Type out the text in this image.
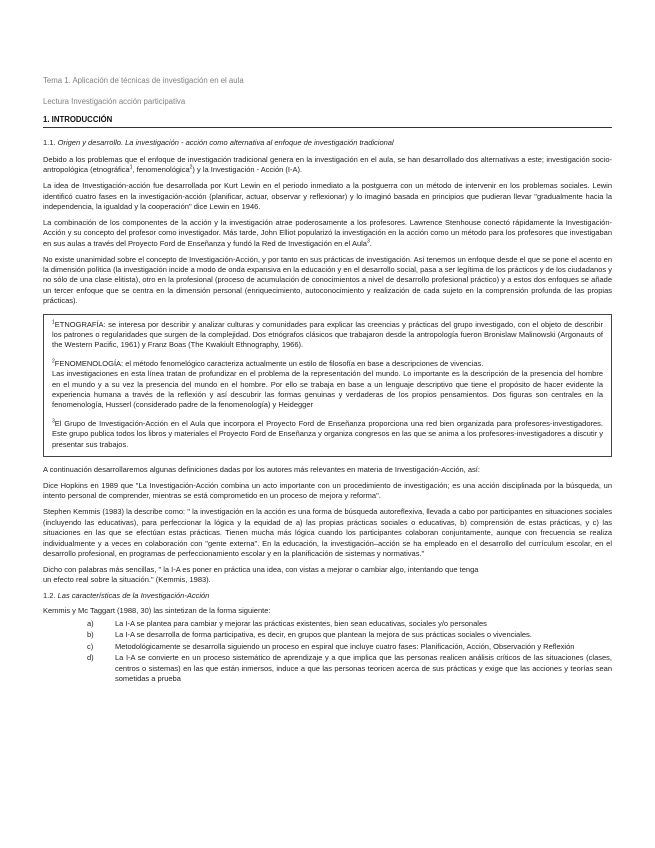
Tema 1. Aplicación de técnicas de investigación en el aula
Lectura Investigación acción participativa
1. INTRODUCCIÓN
1.1. Origen y desarrollo. La investigación - acción como alternativa al enfoque de investigación tradicional

Debido a los problemas que el enfoque de investigación tradicional genera en la investigación en el aula, se han desarrollado dos alternativas a este; investigación socio-antropológica (etnográfica$^1$, fenomenológica$^2$) y la Investigación - Acción (I-A).

La idea de Investigación-acción fue desarrollada por Kurt Lewin en el periodo inmediato a la postguerra con un método de intervenir en los problemas sociales. Lewin identificó cuatro fases en la investigación-acción (planificar, actuar, observar y reflexionar) y lo imaginó basada en principios que pudieran llevar "gradualmente hacia la independencia, la igualdad y la cooperación" dice Lewin en 1946.

La combinación de los componentes de la acción y la investigación atrae poderosamente a los profesores. Lawrence Stenhouse conectó rápidamente la Investigación-Acción y su concepto del profesor como investigador. Más tarde, John Elliot popularizó la investigación en la acción como un método para los profesores que investigaban en sus aulas a través del Proyecto Ford de Enseñanza y fundó la Red de Investigación en el Aula$^3$.

No existe unanimidad sobre el concepto de Investigación-Acción, y por tanto en sus prácticas de investigación. Así tenemos un enfoque desde el que se pone el acento en la dimensión política (la investigación incide a modo de onda expansiva en la educación y en el desarrollo social, pasa a ser legítima de los prácticos y de los ciudadanos y no sólo de una clase elitista), otro en la profesional (proceso de acumulación de conocimientos a nivel de desarrollo profesional práctico) y a estos dos enfoques se añade un tercer enfoque que se centra en la dimensión personal (enriquecimiento, autoconocimiento y realización de cada sujeto en la comprensión profunda de las propias prácticas).

$^1$ETNOGRAFÍA: se interesa por describir y analizar culturas y comunidades para explicar las creencias y prácticas del grupo investigado, con el objeto de describir los patrones o regularidades que surgen de la complejidad. Dos etnógrafos clásicos que trabajaron desde la antropología fueron Bronislaw Malinowski (Argonauts of the Western Pacific, 1961) y Franz Boas (The Kwakiult Ethnography, 1966).

$^2$FENOMENOLOGÍA: el método fenomelógico caracteriza actualmente un estilo de filosofía en base a descripciones de vivencias.
Las investigaciones en esta línea tratan de profundizar en el problema de la representación del mundo. Lo importante es la descripción de la presencia del hombre en el mundo y a su vez la presencia del mundo en el hombre. Por ello se trabaja en base a un lenguaje descriptivo que tiene el propósito de hacer evidente la experiencia humana a través de la reflexión y así descubrir las formas genuinas y verdaderas de los propios pensamientos. Dos figuras son centrales en la fenomenología, Husserl (considerado padre de la fenomenología) y Heidegger

$^3$El Grupo de Investigación-Acción en el Aula que incorpora el Proyecto Ford de Enseñanza proporciona una red bien organizada para profesores-investigadores. Este grupo publica todos los libros y materiales el Proyecto Ford de Enseñanza y organiza congresos en las que se anima a los profesores-investigadores a discutir y presentar sus trabajos.

A continuación desarrollaremos algunas definiciones dadas por los autores más relevantes en materia de Investigación-Acción, así:

Dice Hopkins en 1989 que "La Investigación-Acción combina un acto importante con un procedimiento de investigación; es una acción disciplinada por la búsqueda, un intento personal de comprender, mientras se está comprometido en un proceso de mejora y reforma".

Stephen Kemmis (1983) la describe como: " la investigación en la acción es una forma de búsqueda autoreflexiva, llevada a cabo por participantes en situaciones sociales (incluyendo las educativas), para perfeccionar la lógica y la equidad de a) las propias prácticas sociales o educativas, b) comprensión de estas prácticas, y c) las situaciones en las que se efectúan estas prácticas. Tienen mucha más lógica cuando los participantes colaboran conjuntamente, aunque con frecuencia se realiza individualmente y a veces en colaboración con "gente externa". En la educación, la investigación–acción se ha empleado en el desarrollo del currículum escolar, en el desarrollo profesional, en programas de perfeccionamiento escolar y en la planificación de sistemas y normativas."

Dicho con palabras más sencillas, " la I-A es poner en práctica una idea, con vistas a mejorar o cambiar algo, intentando que tenga
un efecto real sobre la situación." (Kemmis, 1983).

1.2. Las características de la Investigación-Acción

Kemmis y Mc Taggart (1988, 30) las sintetizan de la forma siguiente:

a)	La I-A se plantea para cambiar y mejorar las prácticas existentes, bien sean educativas, sociales y/o personales
b)	La I-A se desarrolla de forma participativa, es decir, en grupos que plantean la mejora de sus prácticas sociales o vivenciales.
c)	Metodológicamente se desarrolla siguiendo un proceso en espiral que incluye cuatro fases: Planificación, Acción, Observación y Reflexión
d)	La I-A se convierte en un proceso sistemático de aprendizaje y a que implica que las personas realicen análisis críticos de las situaciones (clases, centros o sistemas) en las que están inmersos, induce a que las personas teoricen acerca de sus prácticas y exige que las acciones y teorías sean sometidas a prueba
